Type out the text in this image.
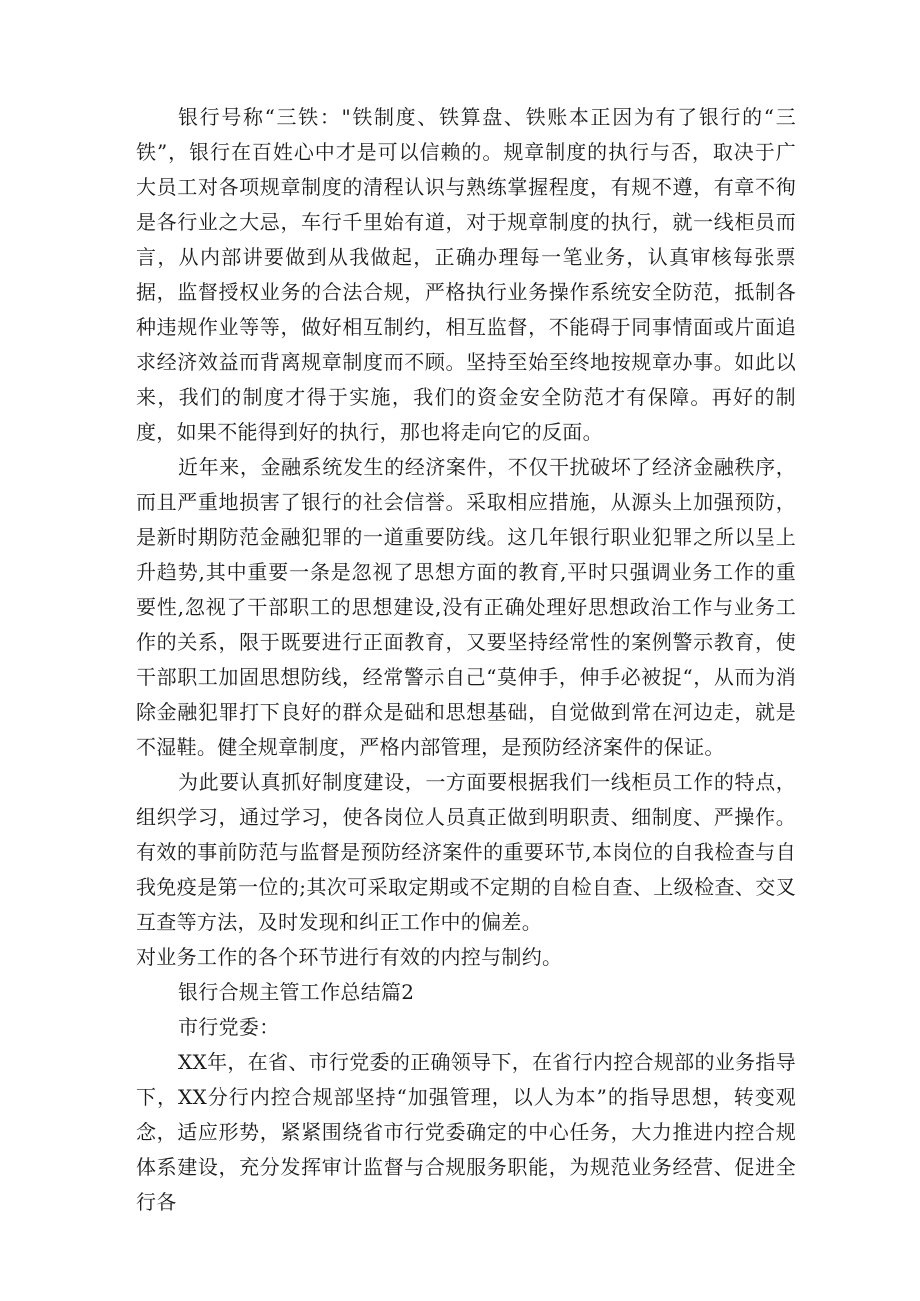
银行号称“三铁："铁制度、铁算盘、铁账本正因为有了银行的“三铁”，银行在百姓心中才是可以信赖的。规章制度的执行与否，取决于广大员工对各项规章制度的清程认识与熟练掌握程度，有规不遵，有章不徇是各行业之大忌，车行千里始有道，对于规章制度的执行，就一线柜员而言，从内部讲要做到从我做起，正确办理每一笔业务，认真审核每张票据，监督授权业务的合法合规，严格执行业务操作系统安全防范，抵制各种违规作业等等，做好相互制约，相互监督，不能碍于同事情面或片面追求经济效益而背离规章制度而不顾。坚持至始至终地按规章办事。如此以来，我们的制度才得于实施，我们的资金安全防范才有保障。再好的制度，如果不能得到好的执行，那也将走向它的反面。

近年来，金融系统发生的经济案件，不仅干扰破坏了经济金融秩序，而且严重地损害了银行的社会信誉。采取相应措施，从源头上加强预防，是新时期防范金融犯罪的一道重要防线。这几年银行职业犯罪之所以呈上升趋势,其中重要一条是忽视了思想方面的教育,平时只强调业务工作的重要性,忽视了干部职工的思想建设,没有正确处理好思想政治工作与业务工作的关系，限于既要进行正面教育，又要坚持经常性的案例警示教育，使干部职工加固思想防线，经常警示自己“莫伸手，伸手必被捉“，从而为消除金融犯罪打下良好的群众是础和思想基础，自觉做到常在河边走，就是不湿鞋。健全规章制度，严格内部管理，是预防经济案件的保证。

为此要认真抓好制度建设，一方面要根据我们一线柜员工作的特点，组织学习，通过学习，使各岗位人员真正做到明职责、细制度、严操作。有效的事前防范与监督是预防经济案件的重要环节,本岗位的自我检查与自我免疫是第一位的;其次可采取定期或不定期的自检自查、上级检查、交叉互查等方法，及时发现和纠正工作中的偏差。

对业务工作的各个环节进行有效的内控与制约。

银行合规主管工作总结篇2

市行党委：

XX年，在省、市行党委的正确领导下，在省行内控合规部的业务指导下，XX分行内控合规部坚持“加强管理，以人为本”的指导思想，转变观念，适应形势，紧紧围绕省市行党委确定的中心任务，大力推进内控合规体系建设，充分发挥审计监督与合规服务职能，为规范业务经营、促进全行各
